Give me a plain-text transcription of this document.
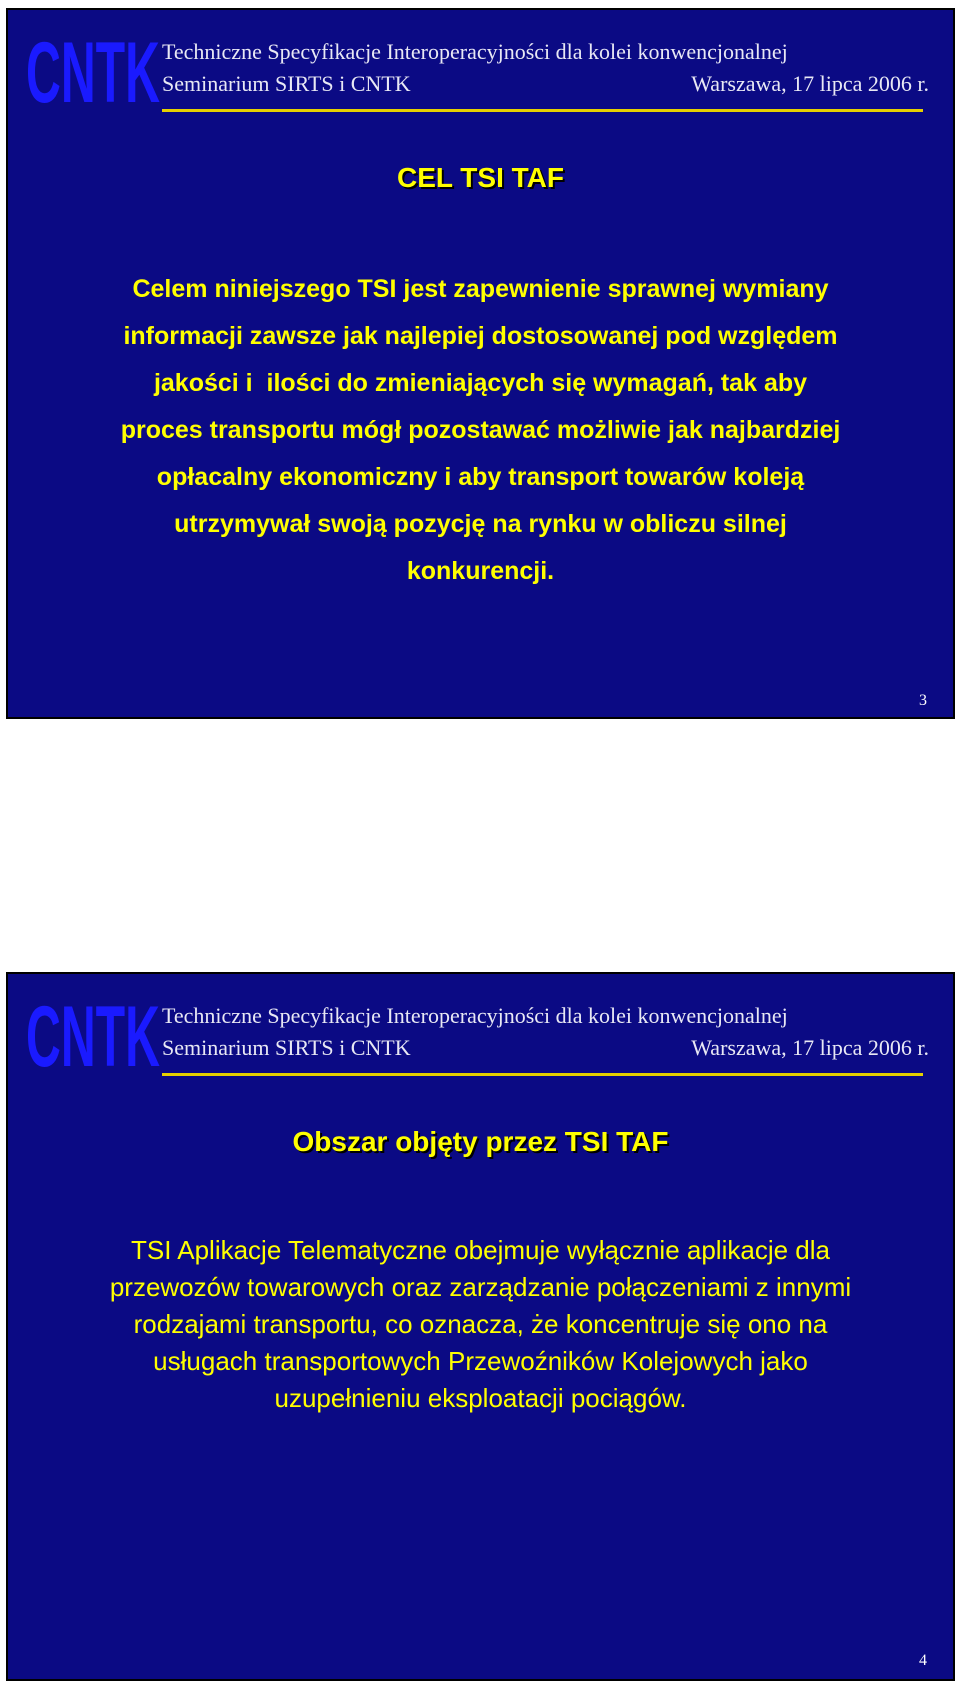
CNTK Techniczne Specyfikacje Interoperacyjności dla kolei konwencjonalnej
Seminarium SIRTS i CNTK	Warszawa, 17 lipca 2006 r.
CEL TSI TAF
Celem niniejszego TSI jest zapewnienie sprawnej wymiany
informacji zawsze jak najlepiej dostosowanej pod względem
jakości i  ilości do zmieniających się wymagań, tak aby
proces transportu mógł pozostawać możliwie jak najbardziej
opłacalny ekonomiczny i aby transport towarów koleją
utrzymywał swoją pozycję na rynku w obliczu silnej
konkurencji.
3
CNTK Techniczne Specyfikacje Interoperacyjności dla kolei konwencjonalnej
Seminarium SIRTS i CNTK	Warszawa, 17 lipca 2006 r.
Obszar objęty przez TSI TAF
TSI Aplikacje Telematyczne obejmuje wyłącznie aplikacje dla
przewozów towarowych oraz zarządzanie połączeniami z innymi
rodzajami transportu, co oznacza, że koncentruje się ono na
usługach transportowych Przewoźników Kolejowych jako
uzupełnieniu eksploatacji pociągów.
4
